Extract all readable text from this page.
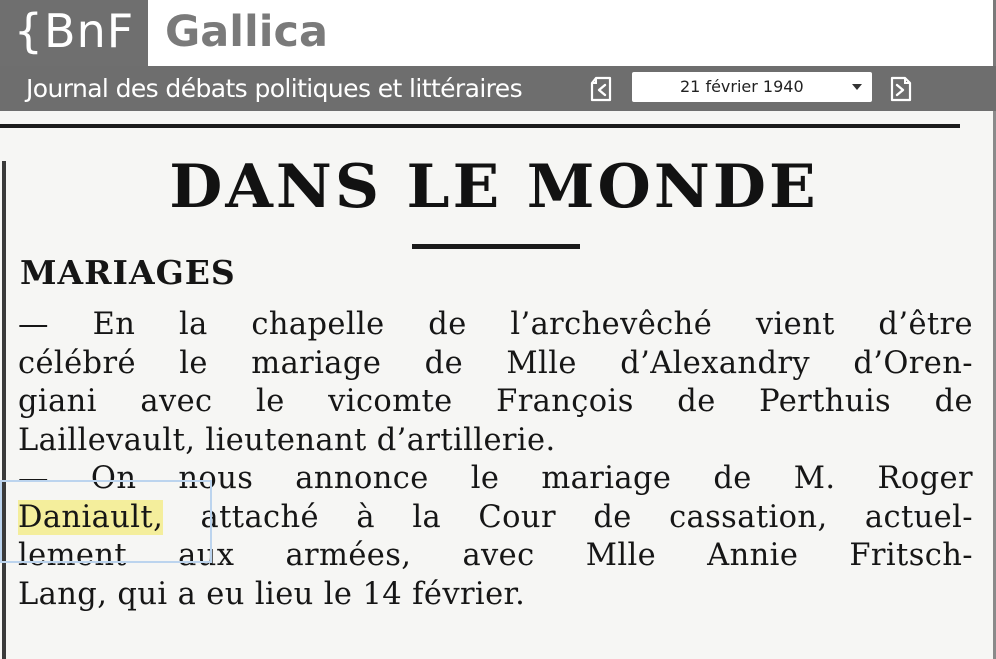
{BnF Gallica
Journal des débats politiques et littéraires	21 février 1940
DANS LE MONDE
MARIAGES
— En la chapelle de l’archevêché vient d’être
célébré le mariage de Mlle d’Alexandry d’Oren-
giani avec le vicomte François de Perthuis de
Laillevault, lieutenant d’artillerie.
— On nous annonce le mariage de M. Roger
Daniault, attaché à la Cour de cassation, actuel-
lement aux armées, avec Mlle Annie Fritsch-
Lang, qui a eu lieu le 14 février.
